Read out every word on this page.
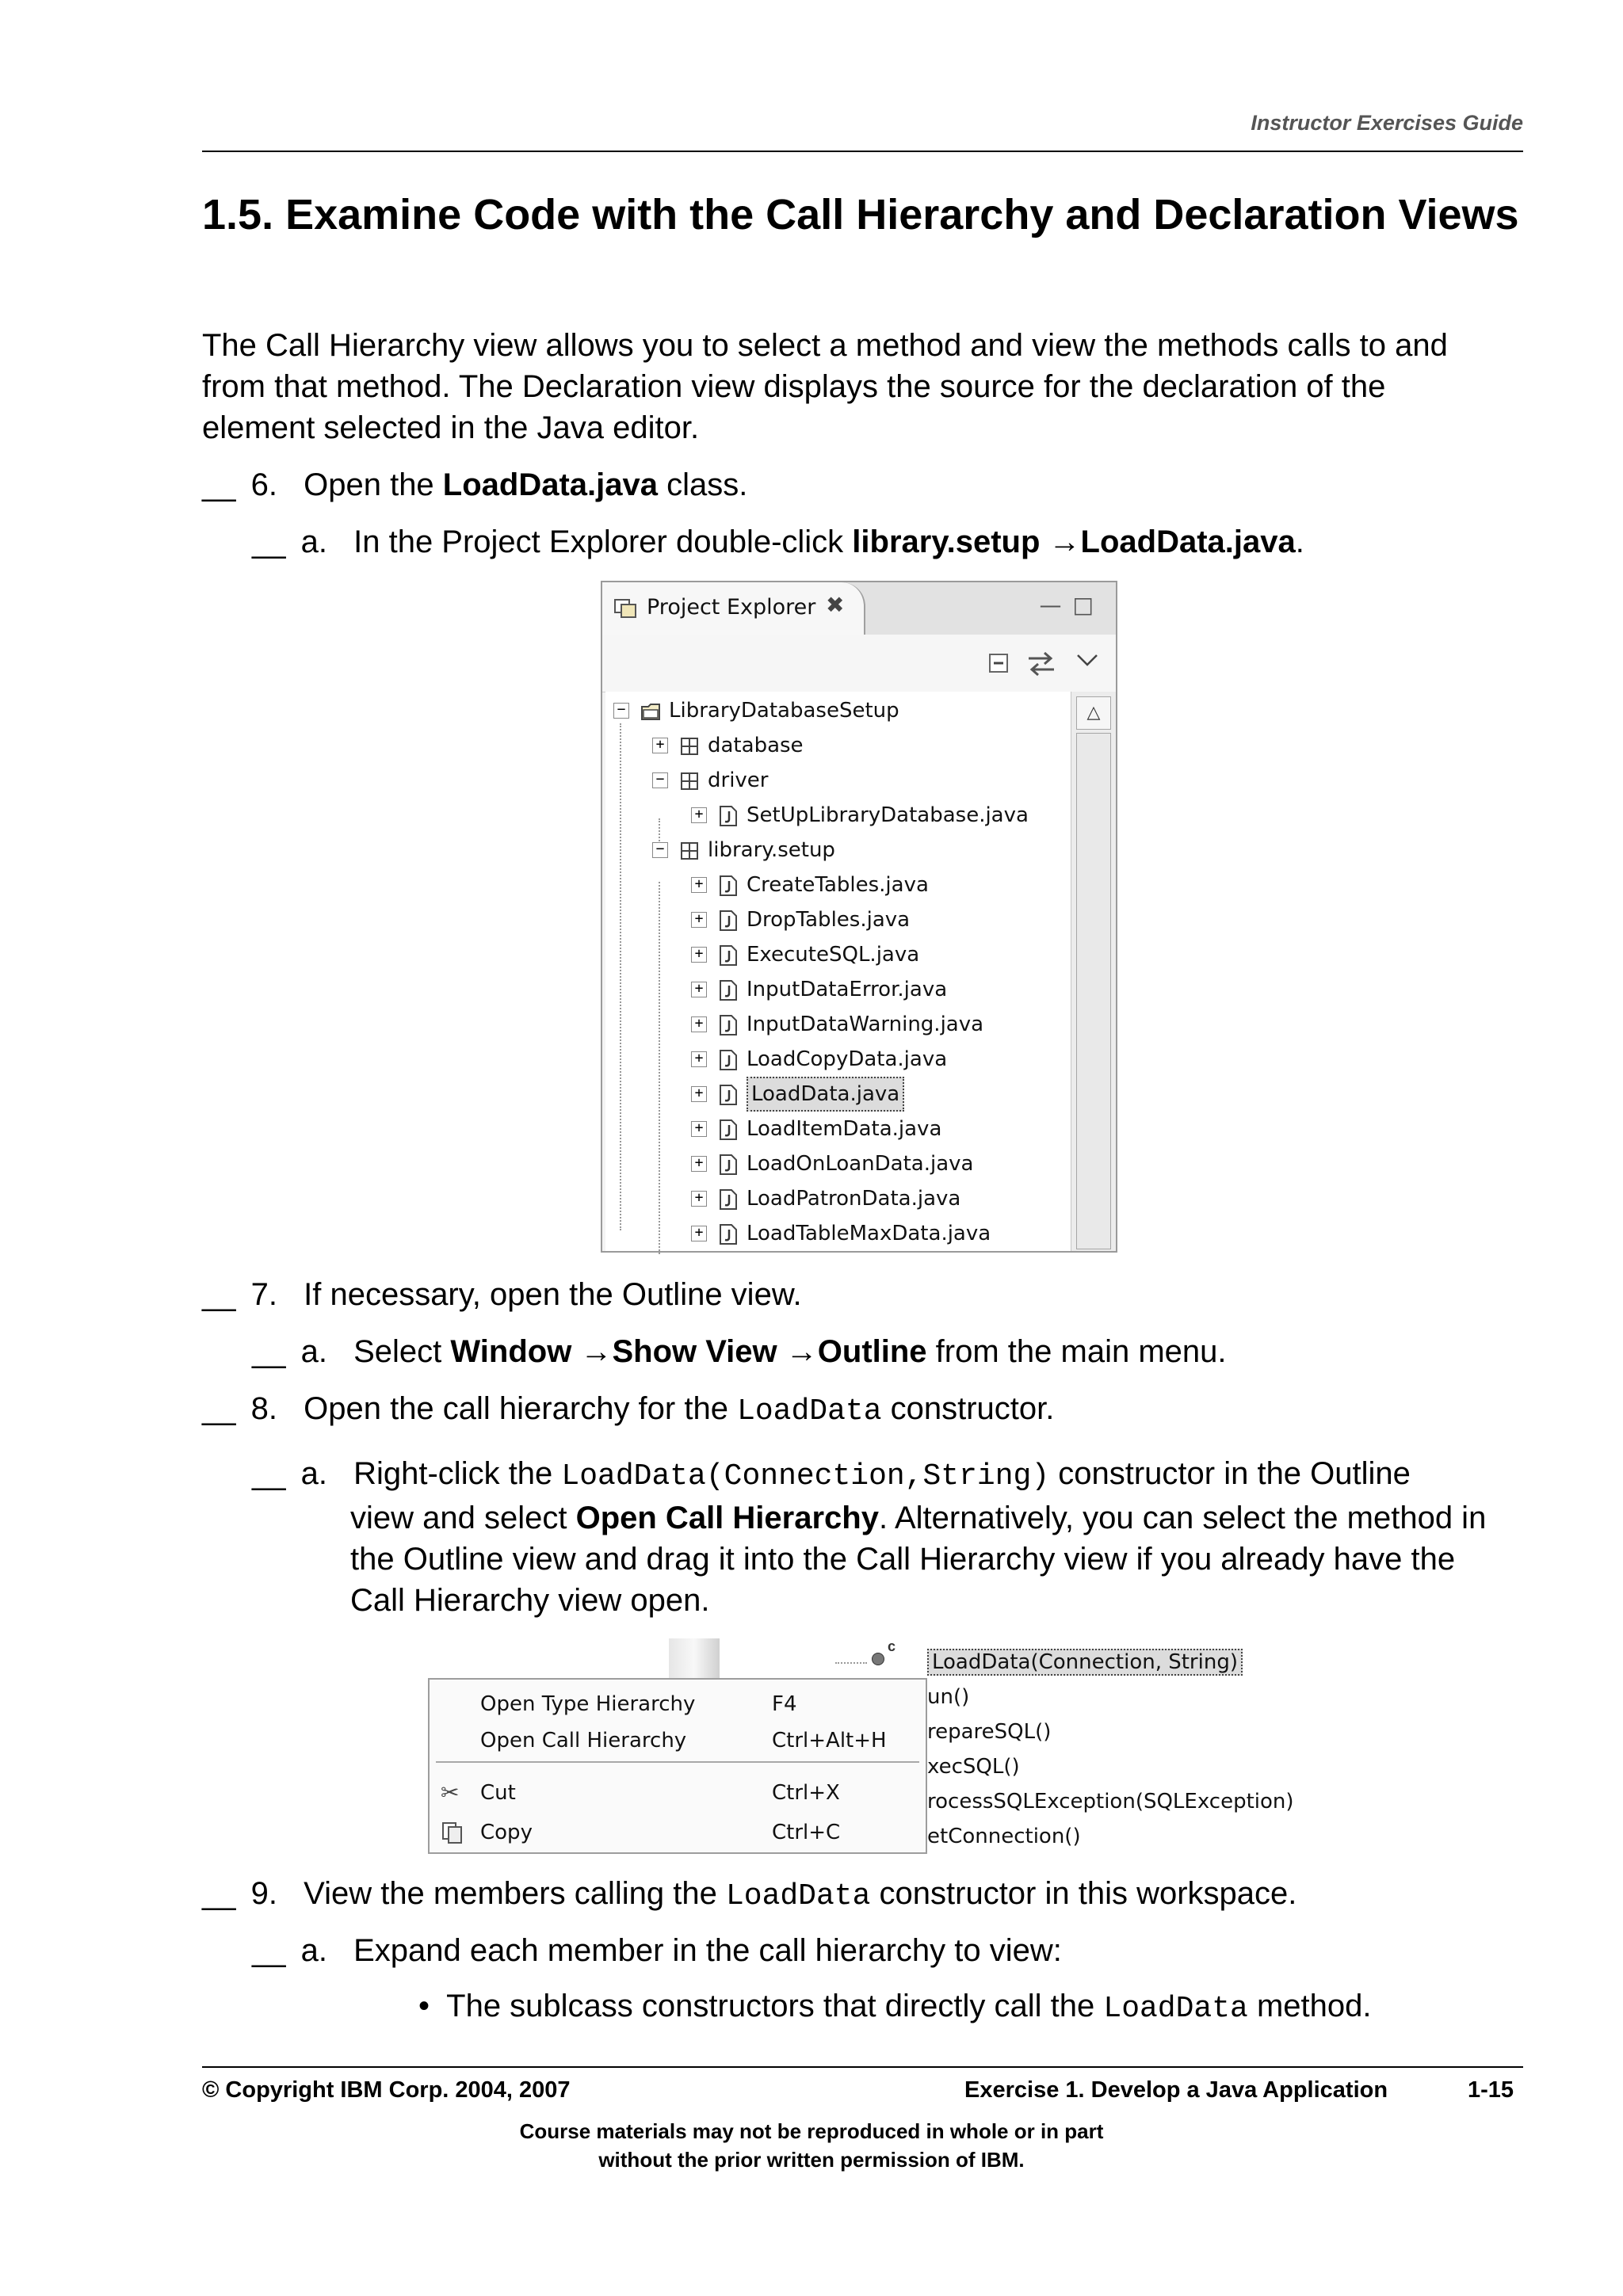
Instructor Exercises Guide
1.5. Examine Code with the Call Hierarchy and Declaration Views
The Call Hierarchy view allows you to select a method and view the methods calls to and
from that method. The Declaration view displays the source for the declaration of the
element selected in the Java editor.
__ 6. Open the LoadData.java class.
__ a. In the Project Explorer double-click library.setup →LoadData.java.
Project Explorer ✖	—□
− LibraryDatabaseSetup
+ database
− driver
+ SetUpLibraryDatabase.java
− library.setup
+ CreateTables.java
+ DropTables.java
+ ExecuteSQL.java
+ InputDataError.java
+ InputDataWarning.java
+ LoadCopyData.java
+ LoadData.java
+ LoadItemData.java
+ LoadOnLoanData.java
+ LoadPatronData.java
+ LoadTableMaxData.java
△
__ 7. If necessary, open the Outline view.
__ a. Select Window →Show View →Outline from the main menu.
__ 8. Open the call hierarchy for the LoadData constructor.
__ a. Right-click the LoadData(Connection,String) constructor in the Outline
view and select Open Call Hierarchy. Alternatively, you can select the method in
the Outline view and drag it into the Call Hierarchy view if you already have the
Call Hierarchy view open.
LoadData(Connection, String)
un()
repareSQL()
xecSQL()
rocessSQLException(SQLException)
etConnection()
c
Open Type Hierarchy	F4
Open Call Hierarchy	Ctrl+Alt+H
✂ Cut	Ctrl+X
Copy	Ctrl+C
__ 9. View the members calling the LoadData constructor in this workspace.
__ a. Expand each member in the call hierarchy to view:
• The sublcass constructors that directly call the LoadData method.
© Copyright IBM Corp. 2004, 2007	Exercise 1. Develop a Java Application	1-15
Course materials may not be reproduced in whole or in part
without the prior written permission of IBM.
